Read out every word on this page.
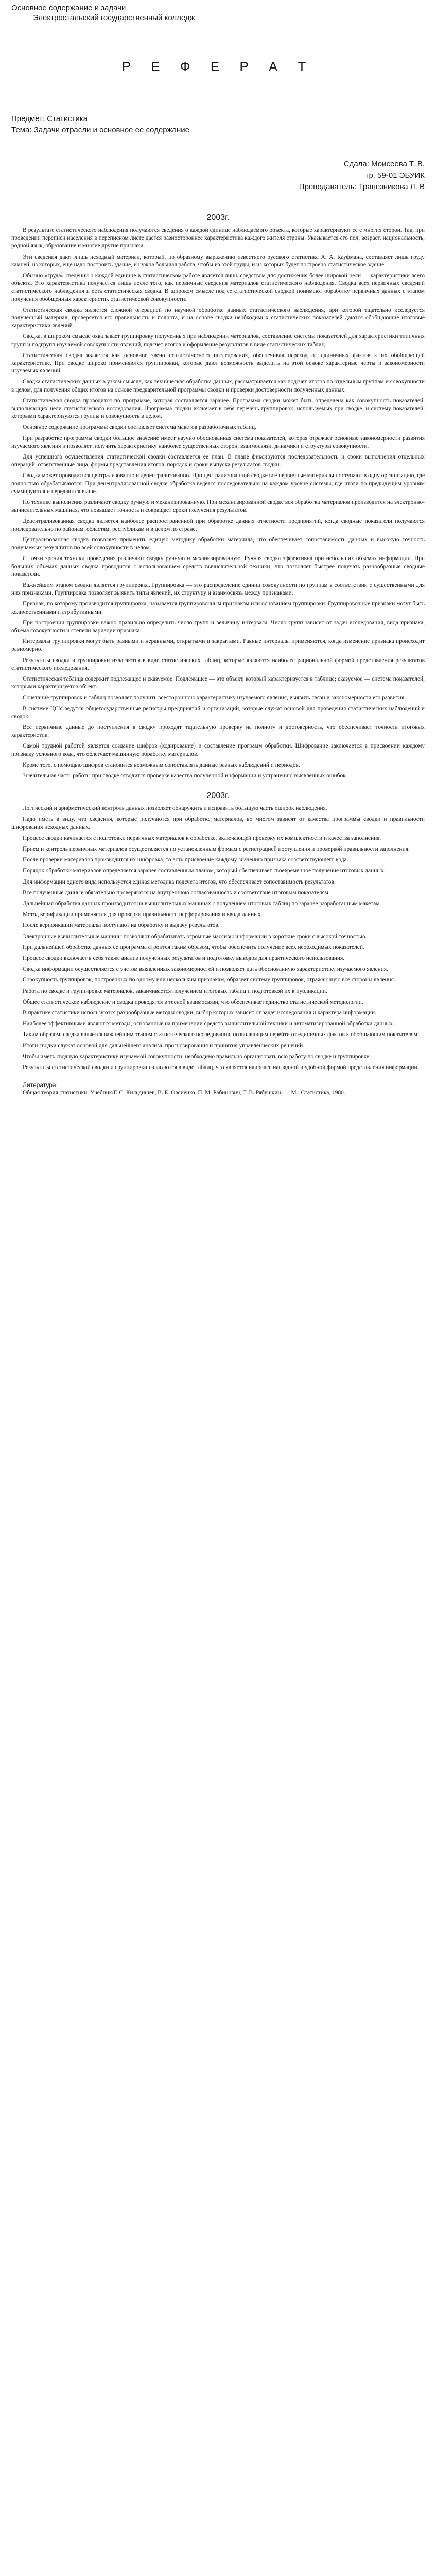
Основное содержание и задачи

Электростальский государственный колледж

Р Е Ф Е Р А Т

Предмет: Статистика

Тема: Задачи отрасли и основное ее содержание

Сдала: Моисеева Т. В.

гр. 59-01 ЭБУИК

Преподаватель: Трапезникова Л. В

2003г.

В результате статистического наблюдения получаются сведения о каждой единице наблюдаемого объекта, которые характеризуют ее с многих сторон. Так, при проведении переписи населения в переписном листе дается разностороннее характеристика каждого жителя страны. Указывается его пол, возраст, национальность, родной язык, образование и многие другие признаки.

Эти сведения дают лишь исходный материал, который, по образному выражению известного русского статистика А. А. Кауфмана, составляет лишь груду камней, из которых, еще надо построить здание, и нужна большая работа, чтобы из этой груды, и из которых будет построено статистическое здание.

Обычно «груда» сведений о каждой единице в статистическом работе является лишь средством для достижения более широкой цели — характеристики всего объекта. Это характеристика получается лишь после того, как первичные сведения материалов статистического наблюдения. Сводка всех первичных сведений статистического наблюдения и есть статистическая сводка. В широком смысле под ее статистической сводкой понимают обработку первичных данных с этапом получения обобщенных характеристик статистической совокупности.

Статистическая сводка является сложной операцией по научной обработке данных статистического наблюдения, при которой тщательно исследуется полученный материал, проверяется его правильность и полнота, и на основе сводки необходимых статистических показателей даются обобщающие итоговые характеристики явлений.

Сводка, в широком смысле охватывает группировку полученных при наблюдении материалов, составление системы показателей для характеристики типичных групп и подгрупп изучаемой совокупности явлений, подсчет итогов и оформление результатов в виде статистических таблиц.

Статистическая сводка является как основное звено статистического исследования, обеспечивая переход от единичных фактов к их обобщающей характеристике. При сводке широко применяются группировки, которые дают возможность выделить на этой основе характерные черты и закономерности изучаемых явлений.

Сводка статистических данных в узком смысле, как техническая обработка данных, рассматривается как подсчет итогов по отдельным группам и совокупности в целом, для получения общих итогов на основе предварительной программы сводки и проверки достоверности полученных данных.

Статистическая сводка проводится по программе, которая составляется заранее. Программа сводки может быть определена как совокупность показателей, выполняющих цели статистического исследования. Программа сводки включает в себя перечень группировок, используемых при сводке, и систему показателей, которыми характеризуются группы и совокупность в целом.

Основное содержание программы сводки составляет система макетов разработочных таблиц.

При разработке программы сводки большое значение имеет научно обоснованная система показателей, которая отражает основные закономерности развития изучаемого явления и позволяет получить характеристику наиболее существенных сторон, взаимосвязи, динамики и структуры совокупности.

Для успешного осуществления статистической сводки составляется ее план. В плане фиксируются последовательность и сроки выполнения отдельных операций, ответственные лица, формы представления итогов, порядок и сроки выпуска результатов сводки.

Сводка может проводиться централизованно и децентрализованно. При централизованной сводке все первичные материалы поступают в одну организацию, где полностью обрабатываются. При децентрализованной сводке обработка ведется последовательно на каждом уровне системы, где итоги по предыдущим уровням суммируются и передаются выше.

По технике выполнения различают сводку ручную и механизированную. При механизированной сводке вся обработка материалов производится на электронно-вычислительных машинах, что повышает точность и сокращает сроки получения результатов.

Децентрализованная сводка является наиболее распространенной при обработке данных отчетности предприятий, когда сводные показатели получаются последовательно по районам, областям, республикам и в целом по стране.

Централизованная сводка позволяет применять единую методику обработки материала, что обеспечивает сопоставимость данных и высокую точность получаемых результатов по всей совокупности в целом.

С точки зрения техники проведения различают сводку ручную и механизированную. Ручная сводка эффективна при небольших объемах информации. При больших объемах данных сводка проводится с использованием средств вычислительной техники, что позволяет быстрее получать разнообразные сводные показатели.

Важнейшим этапом сводки является группировка. Группировка — это распределение единиц совокупности по группам в соответствии с существенными для них признаками. Группировка позволяет выявить типы явлений, их структуру и взаимосвязь между признаками.

Признак, по которому производится группировка, называется группировочным признаком или основанием группировки. Группировочные признаки могут быть количественными и атрибутивными.

При построении группировки важно правильно определить число групп и величину интервала. Число групп зависит от задач исследования, вида признака, объема совокупности и степени вариации признака.

Интервалы группировки могут быть равными и неравными, открытыми и закрытыми. Равные интервалы применяются, когда изменение признака происходит равномерно.

Результаты сводки и группировки излагаются в виде статистических таблиц, которые являются наиболее рациональной формой представления результатов статистического исследования.

Статистическая таблица содержит подлежащее и сказуемое. Подлежащее — это объект, который характеризуется в таблице; сказуемое — система показателей, которыми характеризуется объект.

Сочетание группировок и таблиц позволяет получить всестороннюю характеристику изучаемого явления, выявить связи и закономерности его развития.

В системе ЦСУ ведутся общегосударственные регистры предприятий и организаций, которые служат основой для проведения статистических наблюдений и сводок.

Все первичные данные до поступления в сводку проходят тщательную проверку на полноту и достоверность, что обеспечивает точность итоговых характеристик.

Самой трудной работой является создание шифров (кодирование) и составление программ обработки. Шифрование заключается в присвоении каждому признаку условного кода, что облегчает машинную обработку материалов.

Кроме того, с помощью шифров становится возможным сопоставлять данные разных наблюдений и периодов.

Значительная часть работы при сводке отводится проверке качества полученной информации и устранению выявленных ошибок.

2003г.

Логический и арифметический контроль данных позволяет обнаружить и исправить большую часть ошибок наблюдения.

Надо иметь в виду, что сведения, которые получаются при обработке материалов, во многом зависят от качества программы сводки и правильности шифрования исходных данных.

Процесс сводки начинается с подготовки первичных материалов к обработке, включающей проверку их комплектности и качества заполнения.

Прием и контроль первичных материалов осуществляется по установленным формам с регистрацией поступления и проверкой правильности заполнения.

После проверки материалов производится их шифровка, то есть присвоение каждому значению признака соответствующего кода.

Порядок обработки материалов определяется заранее составленным планом, который обеспечивает своевременное получение итоговых данных.

Для информации одного вида используется единая методика подсчета итогов, что обеспечивает сопоставимость результатов.

Все полученные данные обязательно проверяются на внутреннюю согласованность и соответствие итоговым показателям.

Дальнейшая обработка данных производится на вычислительных машинах с получением итоговых таблиц по заранее разработанным макетам.

Метод верификации применяется для проверки правильности перфорирования и ввода данных.

После верификации материалы поступают на обработку и выдачу результатов.

Электронные вычислительные машины позволяют обрабатывать огромные массивы информации в короткие сроки с высокой точностью.

При дальнейшей обработке данных ее программа строится таким образом, чтобы обеспечить получение всех необходимых показателей.

Процесс сводки включает в себя также анализ полученных результатов и подготовку выводов для практического использования.

Сводка информации осуществляется с учетом выявленных закономерностей и позволяет дать обоснованную характеристику изучаемого явления.

Совокупность группировок, построенных по одному или нескольким признакам, образует систему группировок, отражающую все стороны явления.

Работа по сводке и группировке материалов, заканчивается получением итоговых таблиц и подготовкой их к публикации.

Общее статистическое наблюдение и сводка проводятся в тесной взаимосвязи, что обеспечивает единство статистической методологии.

В практике статистики используются разнообразные методы сводки, выбор которых зависит от задач исследования и характера информации.

Наиболее эффективными являются методы, основанные на применении средств вычислительной техники и автоматизированной обработки данных.

Таким образом, сводка является важнейшим этапом статистического исследования, позволяющим перейти от единичных фактов к обобщающим показателям.

Итоги сводки служат основой для дальнейшего анализа, прогнозирования и принятия управленческих решений.

Чтобы иметь сводную характеристику изучаемой совокупности, необходимо правильно организовать всю работу по сводке и группировке.

Результаты статистической сводки и группировки излагаются в виде таблиц, что является наиболее наглядной и удобной формой представления информации.

Литература:

Общая теория статистики. Учебник/Г. С. Кильдишев, В. Е. Овсиенко, П. М. Рабинович, Т. В. Рябушкин. — М.: Статистика, 1980.
